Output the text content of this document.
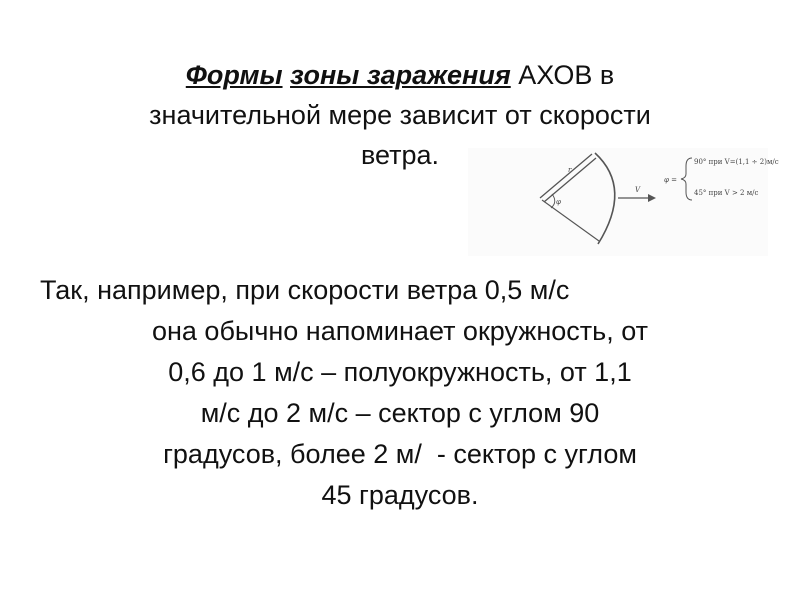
Формы зоны заражения АХОВ в
значительной мере зависит от скорости
ветра.	r
V
φ
φ =
90° при V=(1,1 ÷ 2)м/с
45° при V > 2 м/с
Так, например, при скорости ветра 0,5 м/с
она обычно напоминает окружность, от
0,6 до 1 м/с – полуокружность, от 1,1
м/с до 2 м/с – сектор с углом 90
градусов, более 2 м/  - сектор с углом
45 градусов.
